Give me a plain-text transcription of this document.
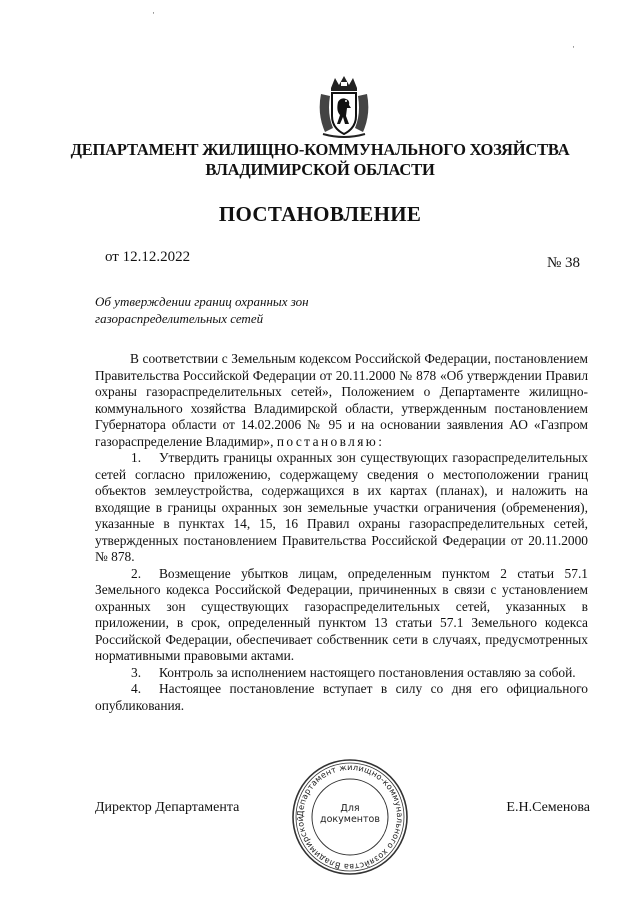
ДЕПАРТАМЕНТ ЖИЛИЩНО-КОММУНАЛЬНОГО ХОЗЯЙСТВА
ВЛАДИМИРСКОЙ ОБЛАСТИ
ПОСТАНОВЛЕНИЕ
от 12.12.2022	№ 38
Об утверждении границ охранных зон
газораспределительных сетей

В соответствии с Земельным кодексом Российской Федерации, постановлением Правительства Российской Федерации от 20.11.2000 № 878 «Об утверждении Правил охраны газораспределительных сетей», Положением о Департаменте жилищно-коммунального хозяйства Владимирской области, утвержденным постановлением Губернатора области от 14.02.2006 № 95 и на основании заявления АО «Газпром газораспределение Владимир», постановляю:

1. Утвердить границы охранных зон существующих газораспределительных сетей согласно приложению, содержащему сведения о местоположении границ объектов землеустройства, содержащихся в их картах (планах), и наложить на входящие в границы охранных зон земельные участки ограничения (обременения), указанные в пунктах 14, 15, 16 Правил охраны газораспределительных сетей, утвержденных постановлением Правительства Российской Федерации от 20.11.2000 № 878.

2. Возмещение убытков лицам, определенным пунктом 2 статьи 57.1 Земельного кодекса Российской Федерации, причиненных в связи с установлением охранных зон существующих газораспределительных сетей, указанных в приложении, в срок, определенный пунктом 13 статьи 57.1 Земельного кодекса Российской Федерации, обеспечивает собственник сети в случаях, предусмотренных нормативными правовыми актами.

3. Контроль за исполнением настоящего постановления оставляю за собой.

4. Настоящее постановление вступает в силу со дня его официального опубликования.

Директор Департамента	Е.Н.Семенова
Департамент жилищно-коммунального хозяйства Владимирской
Для
документов
·
·
